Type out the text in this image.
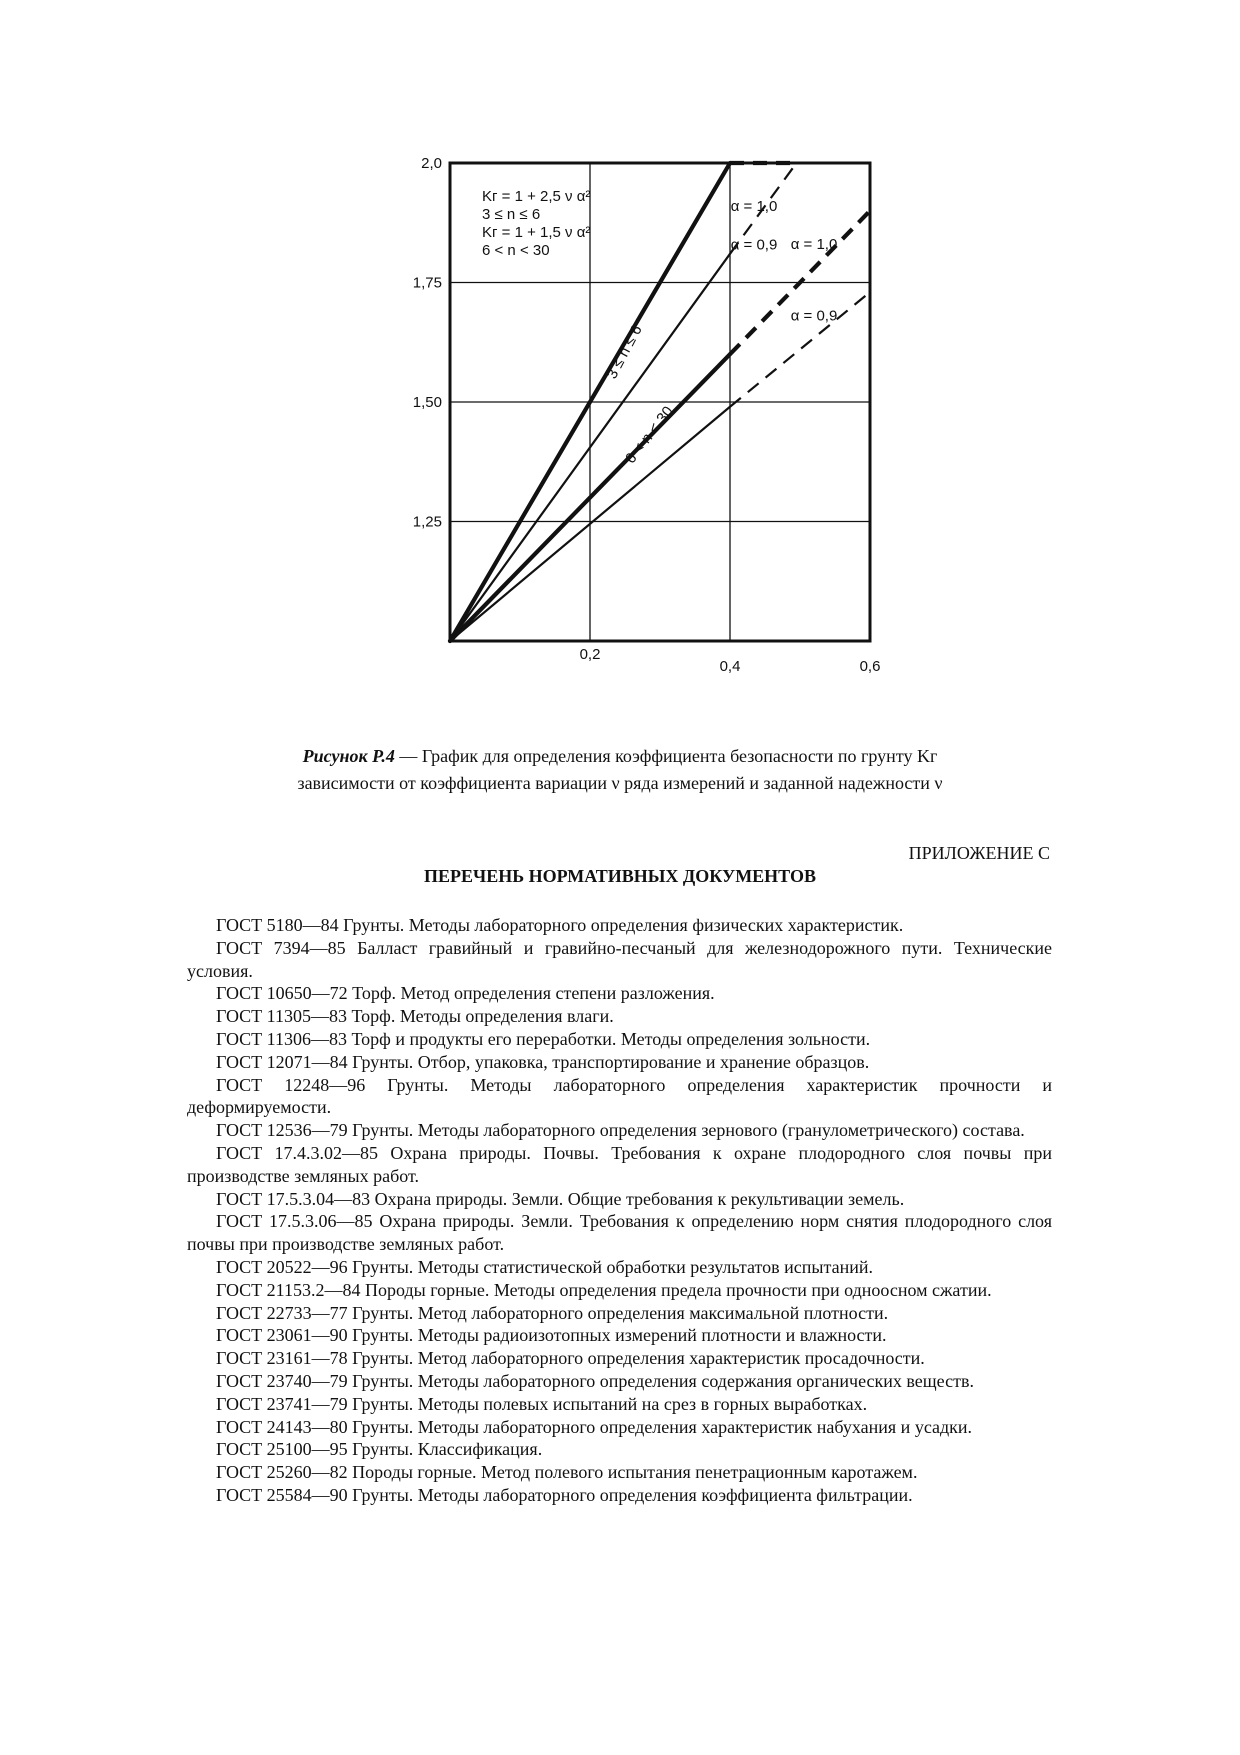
2,0
1,75
1,50
1,25
0,2
0,4	0,6
α = 1,0
α = 0,9 α = 1,0
α = 0,9
Kг = 1 + 2,5 ν α²
3 ≤ n ≤ 6
Kг = 1 + 1,5 ν α²
6 < n < 30
3 ≤ n ≤ 6
6 < n < 30
Рисунок Р.4 — График для определения коэффициента безопасности по грунту Kг
зависимости от коэффициента вариации ν ряда измерений и заданной надежности ν
ПРИЛОЖЕНИЕ С
ПЕРЕЧЕНЬ НОРМАТИВНЫХ ДОКУМЕНТОВ

ГОСТ 5180—84 Грунты. Методы лабораторного определения физических характеристик.

ГОСТ 7394—85 Балласт гравийный и гравийно-песчаный для железнодорожного пути. Технические условия.

ГОСТ 10650—72 Торф. Метод определения степени разложения.

ГОСТ 11305—83 Торф. Методы определения влаги.

ГОСТ 11306—83 Торф и продукты его переработки. Методы определения зольности.

ГОСТ 12071—84 Грунты. Отбор, упаковка, транспортирование и хранение образцов.

ГОСТ 12248—96 Грунты. Методы лабораторного определения характеристик прочности и деформируемости.

ГОСТ 12536—79 Грунты. Методы лабораторного определения зернового (гранулометрического) состава.

ГОСТ 17.4.3.02—85 Охрана природы. Почвы. Требования к охране плодородного слоя почвы при производстве земляных работ.

ГОСТ 17.5.3.04—83 Охрана природы. Земли. Общие требования к рекультивации земель.

ГОСТ 17.5.3.06—85 Охрана природы. Земли. Требования к определению норм снятия плодородного слоя почвы при производстве земляных работ.

ГОСТ 20522—96 Грунты. Методы статистической обработки результатов испытаний.

ГОСТ 21153.2—84 Породы горные. Методы определения предела прочности при одноосном сжатии.

ГОСТ 22733—77 Грунты. Метод лабораторного определения максимальной плотности.

ГОСТ 23061—90 Грунты. Методы радиоизотопных измерений плотности и влажности.

ГОСТ 23161—78 Грунты. Метод лабораторного определения характеристик просадочности.

ГОСТ 23740—79 Грунты. Методы лабораторного определения содержания органических веществ.

ГОСТ 23741—79 Грунты. Методы полевых испытаний на срез в горных выработках.

ГОСТ 24143—80 Грунты. Методы лабораторного определения характеристик набухания и усадки.

ГОСТ 25100—95 Грунты. Классификация.

ГОСТ 25260—82 Породы горные. Метод полевого испытания пенетрационным каротажем.

ГОСТ 25584—90 Грунты. Методы лабораторного определения коэффициента фильтрации.
